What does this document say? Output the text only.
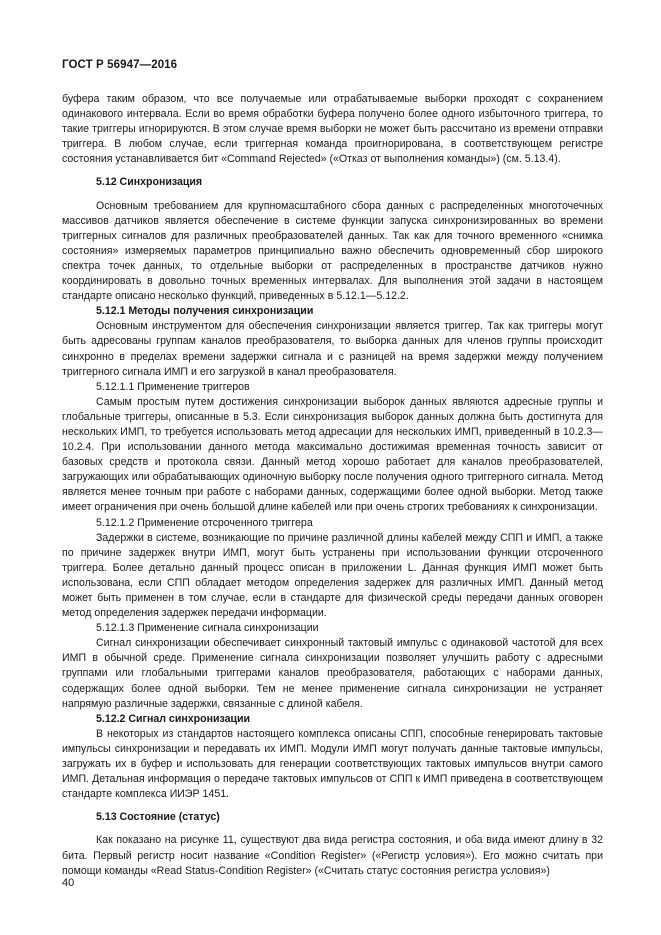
ГОСТ Р 56947—2016

буфера таким образом, что все получаемые или отрабатываемые выборки проходят с сохранением одинакового интервала. Если во время обработки буфера получено более одного избыточного триггера, то такие триггеры игнорируются. В этом случае время выборки не может быть рассчитано из времени отправки триггера. В любом случае, если триггерная команда проигнорирована, в соответствующем регистре состояния устанавливается бит «Command Rejected» («Отказ от выполнения команды») (см. 5.13.4).

5.12 Синхронизация

Основным требованием для крупномасштабного сбора данных с распределенных многоточечных массивов датчиков является обеспечение в системе функции запуска синхронизированных во времени триггерных сигналов для различных преобразователей данных. Так как для точного временного «снимка состояния» измеряемых параметров принципиально важно обеспечить одновременный сбор широкого спектра точек данных, то отдельные выборки от распределенных в пространстве датчиков нужно координировать в довольно точных временных интервалах. Для выполнения этой задачи в настоящем стандарте описано несколько функций, приведенных в 5.12.1—5.12.2.

5.12.1 Методы получения синхронизации

Основным инструментом для обеспечения синхронизации является триггер. Так как триггеры могут быть адресованы группам каналов преобразователя, то выборка данных для членов группы происходит синхронно в пределах времени задержки сигнала и с разницей на время задержки между получением триггерного сигнала ИМП и его загрузкой в канал преобразователя.

5.12.1.1 Применение триггеров

Самым простым путем достижения синхронизации выборок данных являются адресные группы и глобальные триггеры, описанные в 5.3. Если синхронизация выборок данных должна быть достигнута для нескольких ИМП, то требуется использовать метод адресации для нескольких ИМП, приведенный в 10.2.3—10.2.4. При использовании данного метода максимально достижимая временная точность зависит от базовых средств и протокола связи. Данный метод хорошо работает для каналов преобразователей, загружающих или обрабатывающих одиночную выборку после получения одного триггерного сигнала. Метод является менее точным при работе с наборами данных, содержащими более одной выборки. Метод также имеет ограничения при очень большой длине кабелей или при очень строгих требованиях к синхронизации.

5.12.1.2 Применение отсроченного триггера

Задержки в системе, возникающие по причине различной длины кабелей между СПП и ИМП, а также по причине задержек внутри ИМП, могут быть устранены при использовании функции отсроченного триггера. Более детально данный процесс описан в приложении L. Данная функция ИМП может быть использована, если СПП обладает методом определения задержек для различных ИМП. Данный метод может быть применен в том случае, если в стандарте для физической среды передачи данных оговорен метод определения задержек передачи информации.

5.12.1.3 Применение сигнала синхронизации

Сигнал синхронизации обеспечивает синхронный тактовый импульс с одинаковой частотой для всех ИМП в обычной среде. Применение сигнала синхронизации позволяет улучшить работу с адресными группами или глобальными триггерами каналов преобразователя, работающих с наборами данных, содержащих более одной выборки. Тем не менее применение сигнала синхронизации не устраняет напрямую различные задержки, связанные с длиной кабеля.

5.12.2 Сигнал синхронизации

В некоторых из стандартов настоящего комплекса описаны СПП, способные генерировать тактовые импульсы синхронизации и передавать их ИМП. Модули ИМП могут получать данные тактовые импульсы, загружать их в буфер и использовать для генерации соответствующих тактовых импульсов внутри самого ИМП. Детальная информация о передаче тактовых импульсов от СПП к ИМП приведена в соответствующем стандарте комплекса ИИЭР 1451.

5.13 Состояние (статус)

Как показано на рисунке 11, существуют два вида регистра состояния, и оба вида имеют длину в 32 бита. Первый регистр носит название «Condition Register» («Регистр условия»). Его можно считать при помощи команды «Read Status-Condition Register» («Считать статус состояния регистра условия»)

40
